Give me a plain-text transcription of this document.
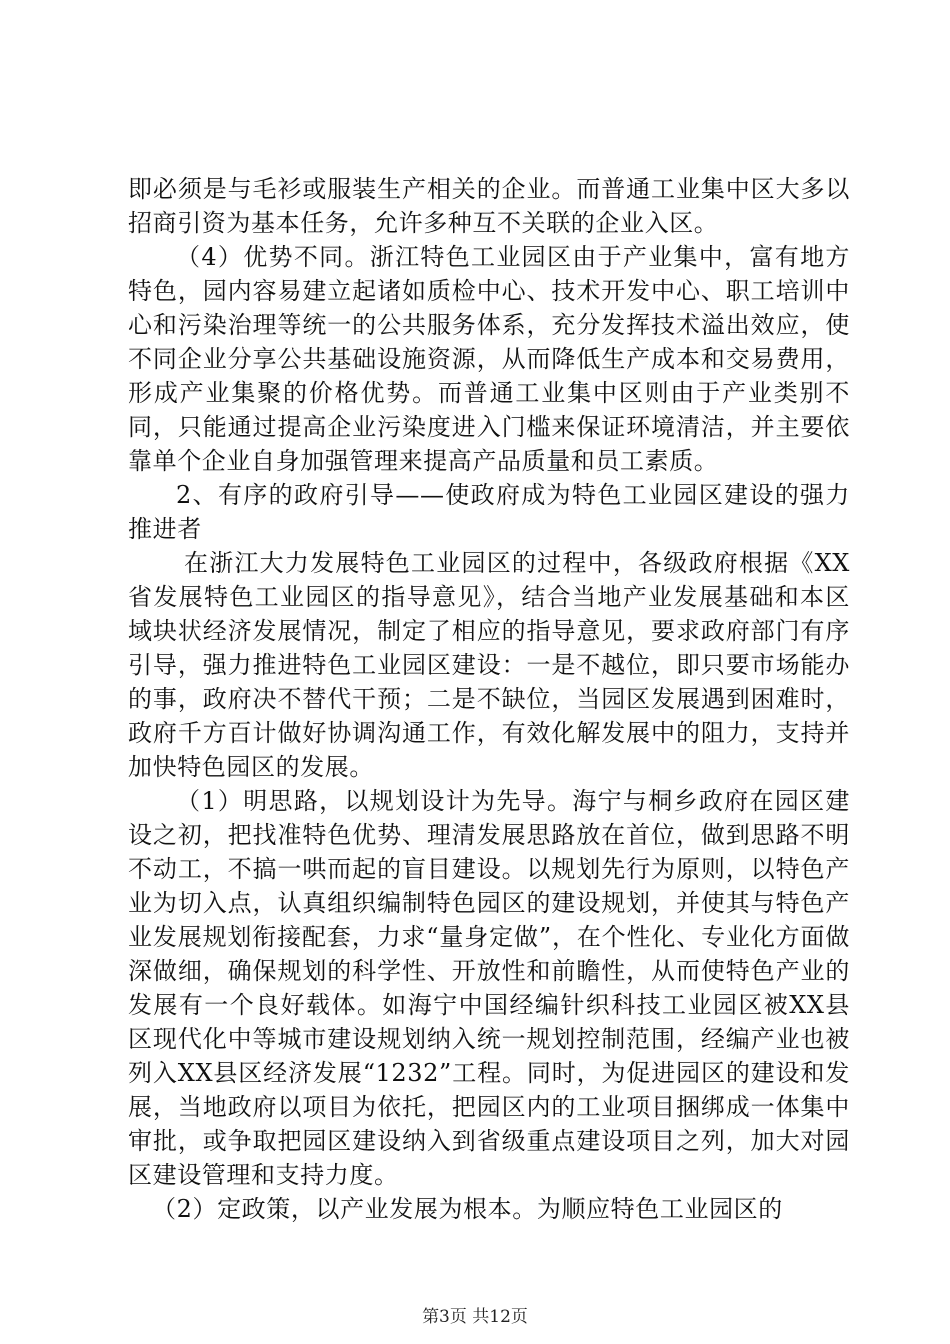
即必须是与毛衫或服装生产相关的企业。而普通工业集中区大多以招商引资为基本任务，允许多种互不关联的企业入区。

（4）优势不同。浙江特色工业园区由于产业集中，富有地方特色，园内容易建立起诸如质检中心、技术开发中心、职工培训中心和污染治理等统一的公共服务体系，充分发挥技术溢出效应，使不同企业分享公共基础设施资源，从而降低生产成本和交易费用，形成产业集聚的价格优势。而普通工业集中区则由于产业类别不同，只能通过提高企业污染度进入门槛来保证环境清洁，并主要依靠单个企业自身加强管理来提高产品质量和员工素质。

2、有序的政府引导——使政府成为特色工业园区建设的强力推进者

在浙江大力发展特色工业园区的过程中，各级政府根据《XX省发展特色工业园区的指导意见》，结合当地产业发展基础和本区域块状经济发展情况，制定了相应的指导意见，要求政府部门有序引导，强力推进特色工业园区建设：一是不越位，即只要市场能办的事，政府决不替代干预；二是不缺位，当园区发展遇到困难时，政府千方百计做好协调沟通工作，有效化解发展中的阻力，支持并加快特色园区的发展。

（1）明思路，以规划设计为先导。海宁与桐乡政府在园区建设之初，把找准特色优势、理清发展思路放在首位，做到思路不明不动工，不搞一哄而起的盲目建设。以规划先行为原则，以特色产业为切入点，认真组织编制特色园区的建设规划，并使其与特色产业发展规划衔接配套，力求“量身定做”，在个性化、专业化方面做深做细，确保规划的科学性、开放性和前瞻性，从而使特色产业的发展有一个良好载体。如海宁中国经编针织科技工业园区被XX县区现代化中等城市建设规划纳入统一规划控制范围，经编产业也被列入XX县区经济发展“1232”工程。同时，为促进园区的建设和发展，当地政府以项目为依托，把园区内的工业项目捆绑成一体集中审批，或争取把园区建设纳入到省级重点建设项目之列，加大对园区建设管理和支持力度。

（2）定政策，以产业发展为根本。为顺应特色工业园区的

第3页 共12页
